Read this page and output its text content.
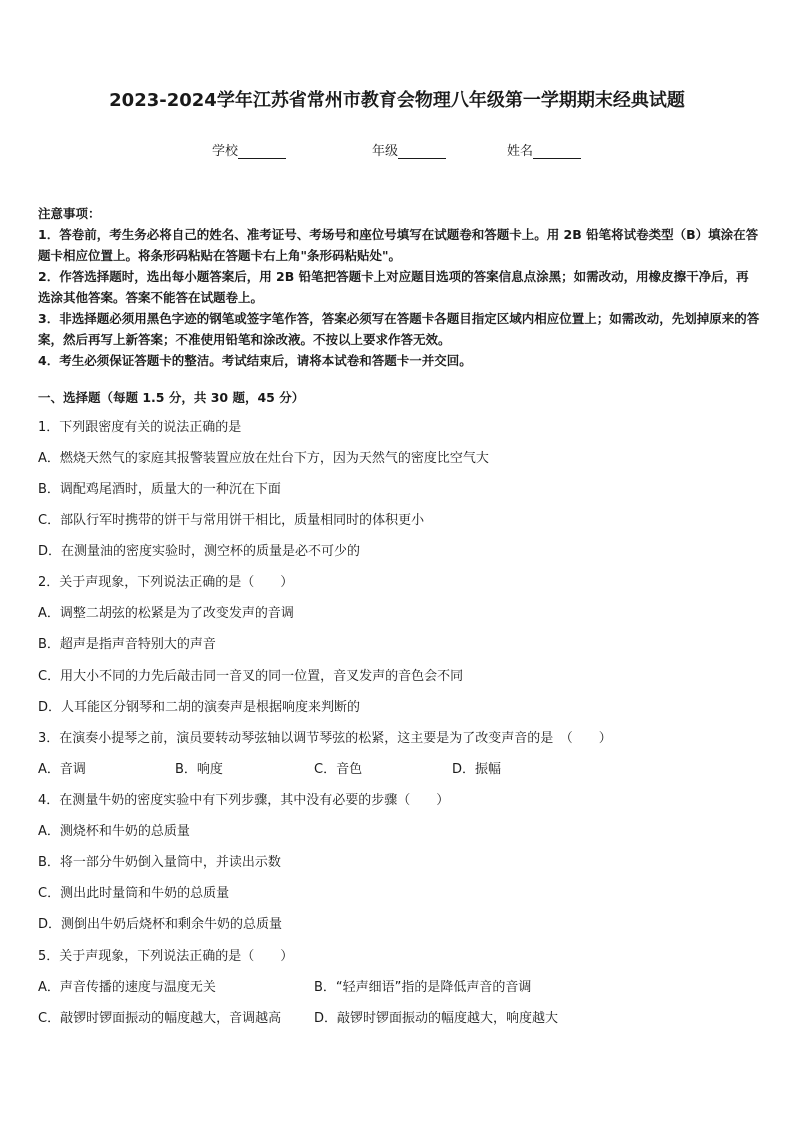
2023-2024学年江苏省常州市教育会物理八年级第一学期期末经典试题
学校	年级	姓名

注意事项：

1．答卷前，考生务必将自己的姓名、准考证号、考场号和座位号填写在试题卷和答题卡上。用 2B 铅笔将试卷类型（B）填涂在答题卡相应位置上。将条形码粘贴在答题卡右上角"条形码粘贴处"。

2．作答选择题时，选出每小题答案后，用 2B 铅笔把答题卡上对应题目选项的答案信息点涂黑；如需改动，用橡皮擦干净后，再选涂其他答案。答案不能答在试题卷上。

3．非选择题必须用黑色字迹的钢笔或签字笔作答，答案必须写在答题卡各题目指定区域内相应位置上；如需改动，先划掉原来的答案，然后再写上新答案；不准使用铅笔和涂改液。不按以上要求作答无效。

4．考生必须保证答题卡的整洁。考试结束后，请将本试卷和答题卡一并交回。

一、选择题（每题 1.5 分，共 30 题，45 分）
1．下列跟密度有关的说法正确的是
A．燃烧天然气的家庭其报警装置应放在灶台下方，因为天然气的密度比空气大
B．调配鸡尾酒时，质量大的一种沉在下面
C．部队行军时携带的饼干与常用饼干相比，质量相同时的体积更小
D．在测量油的密度实验时，测空杯的质量是必不可少的
2．关于声现象，下列说法正确的是（　　）
A．调整二胡弦的松紧是为了改变发声的音调
B．超声是指声音特别大的声音
C．用大小不同的力先后敲击同一音叉的同一位置，音叉发声的音色会不同
D．人耳能区分钢琴和二胡的演奏声是根据响度来判断的
3．在演奏小提琴之前，演员要转动琴弦轴以调节琴弦的松紧，这主要是为了改变声音的是　（　　）
A．音调	B．响度	C．音色	D．振幅
4．在测量牛奶的密度实验中有下列步骤，其中没有必要的步骤（　　）
A．测烧杯和牛奶的总质量
B．将一部分牛奶倒入量筒中，并读出示数
C．测出此时量筒和牛奶的总质量
D．测倒出牛奶后烧杯和剩余牛奶的总质量
5．关于声现象，下列说法正确的是（　　）
A．声音传播的速度与温度无关	B．“轻声细语”指的是降低声音的音调
C．敲锣时锣面振动的幅度越大，音调越高	D．敲锣时锣面振动的幅度越大，响度越大
